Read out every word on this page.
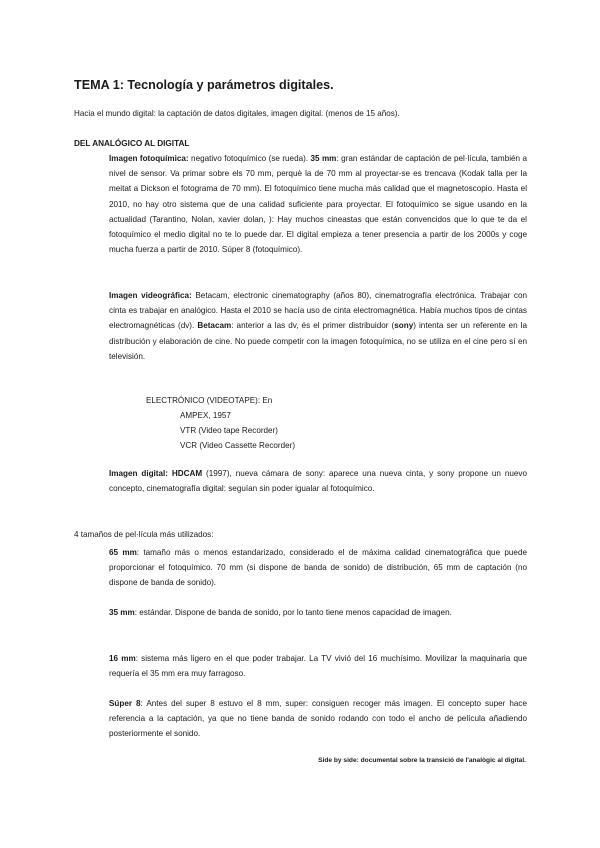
TEMA 1: Tecnología y parámetros digitales.
Hacia el mundo digital: la captación de datos digitales, imagen digital. (menos de 15 años).
DEL ANALÓGICO AL DIGITAL

Imagen fotoquímica: negativo fotoquímico (se rueda). 35 mm: gran estándar de captación de pel·lícula, también a nivel de sensor. Va primar sobre els 70 mm, perquè la de 70 mm al proyectar-se es trencava (Kodak talla per la meitat a Dickson el fotograma de 70 mm). El fotoquímico tiene mucha más calidad que el magnetoscopio. Hasta el 2010, no hay otro sistema que de una calidad suficiente para proyectar. El fotoquímico se sigue usando en la actualidad (Tarantino, Nolan, xavier dolan, ): Hay muchos cineastas que están convencidos que lo que te da el fotoquímico el medio digital no te lo puede dar. El digital empieza a tener presencia a partir de los 2000s y coge mucha fuerza a partir de 2010. Súper 8 (fotoquímico).

Imagen videográfica: Betacam, electronic cinematography (años 80), cinematrografía electrónica. Trabajar con cinta es trabajar en analógico. Hasta el 2010 se hacía uso de cinta electromagnética. Había muchos tipos de cintas electromagnéticas (dv). Betacam: anterior a las dv, és el primer distribuidor (sony) intenta ser un referente en la distribución y elaboración de cine. No puede competir con la imagen fotoquímica, no se utiliza en el cine pero sí en televisión.

ELECTRÓNICO (VIDEOTAPE): En
AMPEX, 1957
VTR (Video tape Recorder)
VCR (Video Cassette Recorder)

Imagen digital: HDCAM (1997), nueva cámara de sony: aparece una nueva cinta, y sony propone un nuevo concepto, cinematografía digital: seguían sin poder igualar al fotoquímico.

4 tamaños de pel·lícula más utilizados:

65 mm: tamaño más o menos estandarizado, considerado el de máxima calidad cinematográfica que puede proporcionar el fotoquímico. 70 mm (si dispone de banda de sonido) de distribución, 65 mm de captación (no dispone de banda de sonido).

35 mm: estándar. Dispone de banda de sonido, por lo tanto tiene menos capacidad de imagen.

16 mm: sistema más ligero en el que poder trabajar. La TV vivió del 16 muchísimo. Movilizar la maquinaria que requería el 35 mm era muy farragoso.

Súper 8: Antes del super 8 estuvo el 8 mm, super: consiguen recoger más imagen. El concepto super hace referencia a la captación, ya que no tiene banda de sonido rodando con todo el ancho de película añadiendo posteriormente el sonido.

Side by side: documental sobre la transició de l'analògic al digital.
